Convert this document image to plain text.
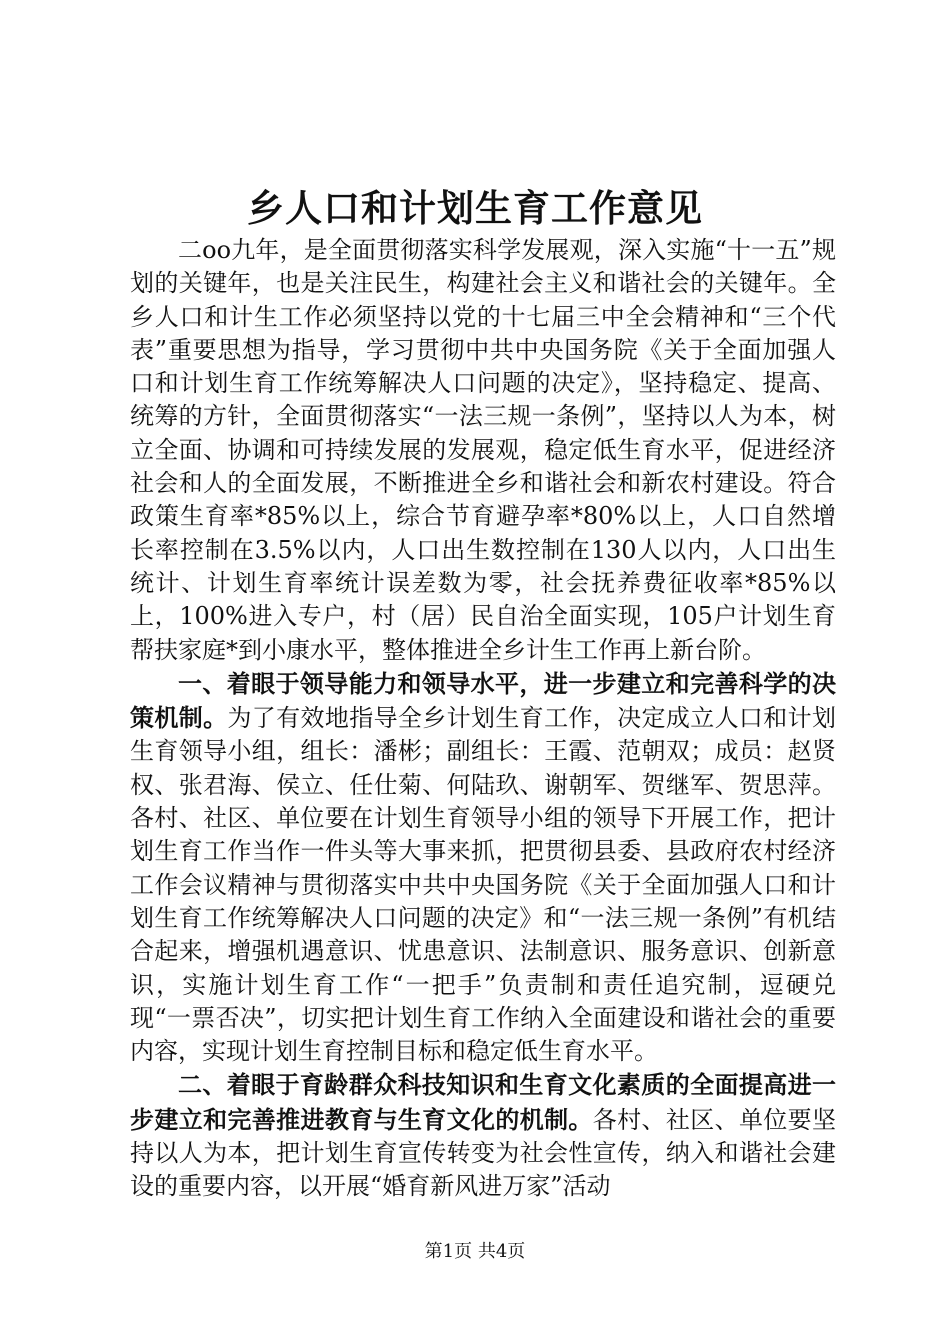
乡人口和计划生育工作意见

二oo九年，是全面贯彻落实科学发展观，深入实施“十一五”规划的关键年，也是关注民生，构建社会主义和谐社会的关键年。全乡人口和计生工作必须坚持以党的十七届三中全会精神和“三个代表”重要思想为指导，学习贯彻中共中央国务院《关于全面加强人口和计划生育工作统筹解决人口问题的决定》，坚持稳定、提高、统筹的方针，全面贯彻落实“一法三规一条例”，坚持以人为本，树立全面、协调和可持续发展的发展观，稳定低生育水平，促进经济社会和人的全面发展，不断推进全乡和谐社会和新农村建设。符合政策生育率*85%以上，综合节育避孕率*80%以上，人口自然增长率控制在3.5%以内，人口出生数控制在130人以内，人口出生统计、计划生育率统计误差数为零，社会抚养费征收率*85%以上，100%进入专户，村（居）民自治全面实现，105户计划生育帮扶家庭*到小康水平，整体推进全乡计生工作再上新台阶。

一、着眼于领导能力和领导水平，进一步建立和完善科学的决策机制。为了有效地指导全乡计划生育工作，决定成立人口和计划生育领导小组，组长：潘彬；副组长：王霞、范朝双；成员：赵贤权、张君海、侯立、任仕菊、何陆玖、谢朝军、贺继军、贺思萍。各村、社区、单位要在计划生育领导小组的领导下开展工作，把计划生育工作当作一件头等大事来抓，把贯彻县委、县政府农村经济工作会议精神与贯彻落实中共中央国务院《关于全面加强人口和计划生育工作统筹解决人口问题的决定》和“一法三规一条例”有机结合起来，增强机遇意识、忧患意识、法制意识、服务意识、创新意识，实施计划生育工作“一把手”负责制和责任追究制，逗硬兑现“一票否决”，切实把计划生育工作纳入全面建设和谐社会的重要内容，实现计划生育控制目标和稳定低生育水平。

二、着眼于育龄群众科技知识和生育文化素质的全面提高进一步建立和完善推进教育与生育文化的机制。各村、社区、单位要坚持以人为本，把计划生育宣传转变为社会性宣传，纳入和谐社会建设的重要内容，以开展“婚育新风进万家”活动

第1页 共4页
